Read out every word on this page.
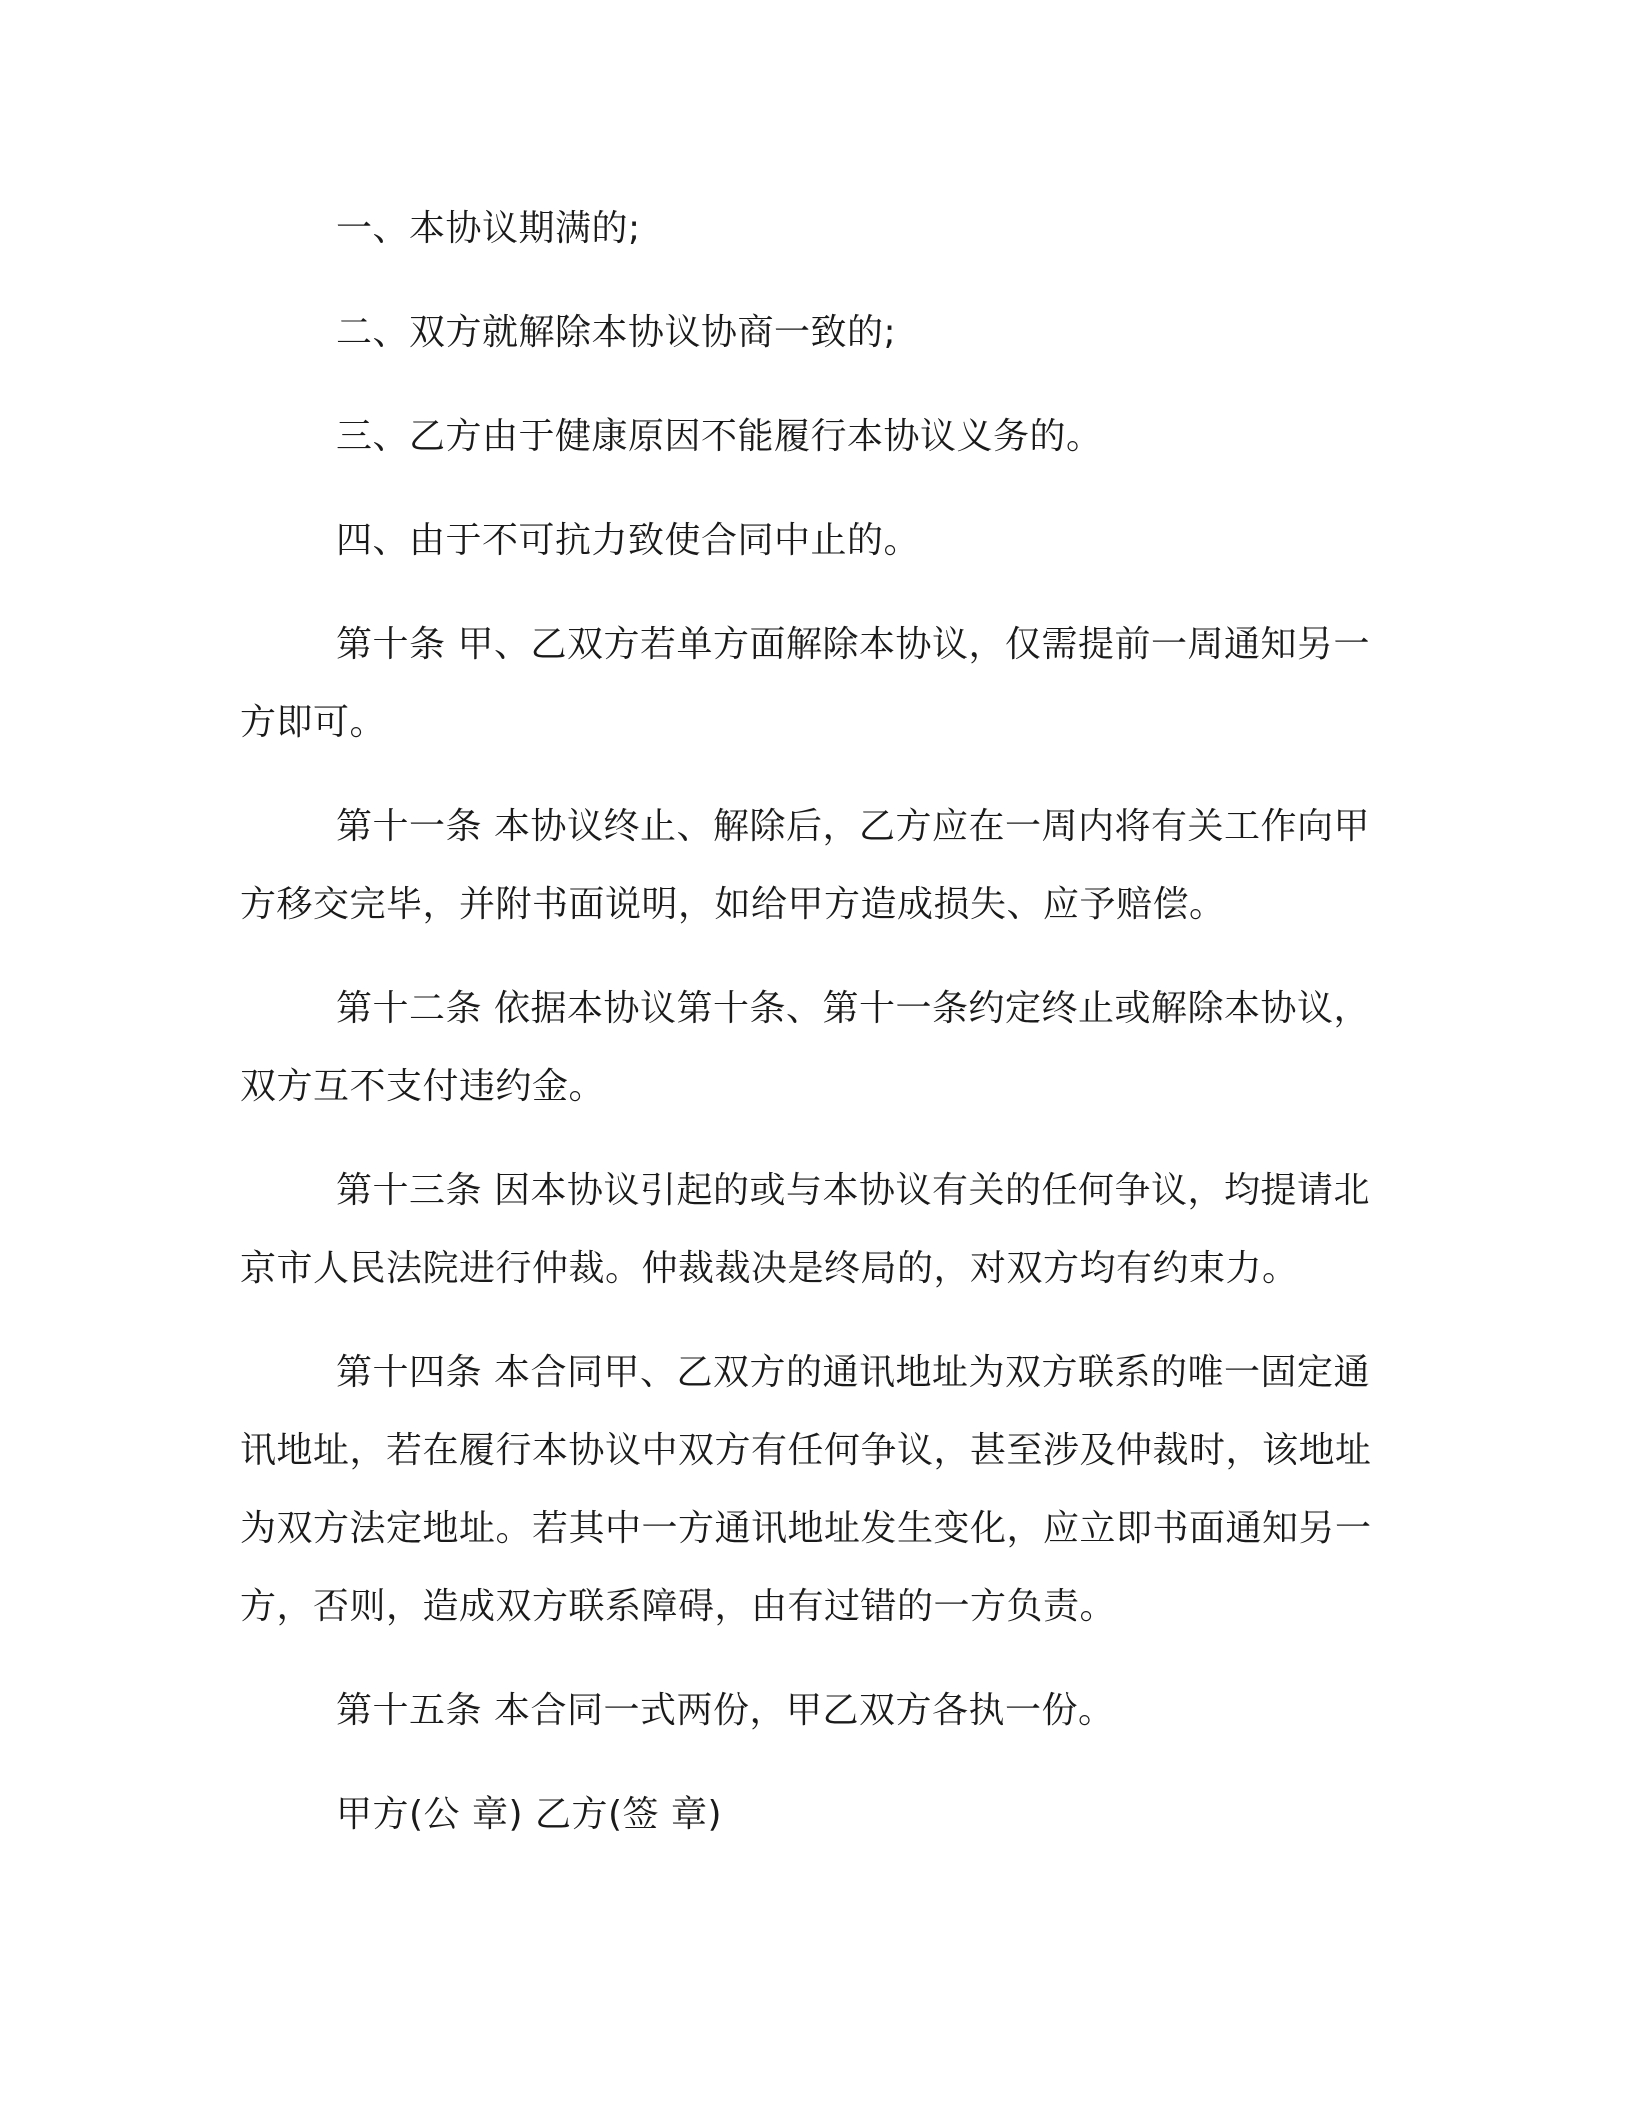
一、本协议期满的;

二、双方就解除本协议协商一致的;

三、乙方由于健康原因不能履行本协议义务的。

四、由于不可抗力致使合同中止的。

第十条 甲、乙双方若单方面解除本协议，仅需提前一周通知另一方即可。

第十一条 本协议终止、解除后，乙方应在一周内将有关工作向甲方移交完毕，并附书面说明，如给甲方造成损失、应予赔偿。

第十二条 依据本协议第十条、第十一条约定终止或解除本协议，双方互不支付违约金。

第十三条 因本协议引起的或与本协议有关的任何争议，均提请北京市人民法院进行仲裁。仲裁裁决是终局的，对双方均有约束力。

第十四条 本合同甲、乙双方的通讯地址为双方联系的唯一固定通讯地址，若在履行本协议中双方有任何争议，甚至涉及仲裁时，该地址为双方法定地址。若其中一方通讯地址发生变化，应立即书面通知另一方，否则，造成双方联系障碍，由有过错的一方负责。

第十五条 本合同一式两份，甲乙双方各执一份。

甲方(公 章) 乙方(签 章)
